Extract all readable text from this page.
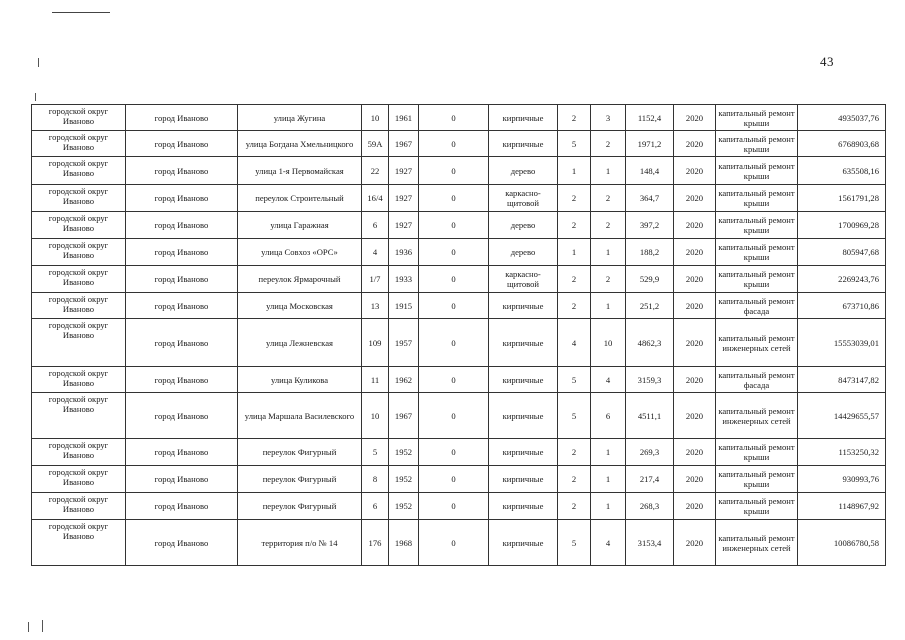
43
городской округ Иваново	город Иваново	улица Жугина	10	1961	0	кирпичные	2	3	1152,4	2020	капитальный ремонт крыши	4935037,76
городской округ Иваново	город Иваново	улица Богдана Хмельницкого	59А	1967	0	кирпичные	5	2	1971,2	2020	капитальный ремонт крыши	6768903,68
городской округ Иваново	город Иваново	улица 1-я Первомайская	22	1927	0	дерево	1	1	148,4	2020	капитальный ремонт крыши	635508,16
городской округ Иваново	город Иваново	переулок Строительный	16/4	1927	0	каркасно-щитовой	2	2	364,7	2020	капитальный ремонт крыши	1561791,28
городской округ Иваново	город Иваново	улица Гаражная	6	1927	0	дерево	2	2	397,2	2020	капитальный ремонт крыши	1700969,28
городской округ Иваново	город Иваново	улица Совхоз «ОРС»	4	1936	0	дерево	1	1	188,2	2020	капитальный ремонт крыши	805947,68
городской округ Иваново	город Иваново	переулок Ярмарочный	1/7	1933	0	каркасно-щитовой	2	2	529,9	2020	капитальный ремонт крыши	2269243,76
городской округ Иваново	город Иваново	улица Московская	13	1915	0	кирпичные	2	1	251,2	2020	капитальный ремонт фасада	673710,86
городской округ Иваново	город Иваново	улица Лежневская	109	1957	0	кирпичные	4	10	4862,3	2020	капитальный ремонт инженерных сетей	15553039,01
городской округ Иваново	город Иваново	улица Куликова	11	1962	0	кирпичные	5	4	3159,3	2020	капитальный ремонт фасада	8473147,82
городской округ Иваново	город Иваново	улица Маршала Василевского	10	1967	0	кирпичные	5	6	4511,1	2020	капитальный ремонт инженерных сетей	14429655,57
городской округ Иваново	город Иваново	переулок Фигурный	5	1952	0	кирпичные	2	1	269,3	2020	капитальный ремонт крыши	1153250,32
городской округ Иваново	город Иваново	переулок Фигурный	8	1952	0	кирпичные	2	1	217,4	2020	капитальный ремонт крыши	930993,76
городской округ Иваново	город Иваново	переулок Фигурный	6	1952	0	кирпичные	2	1	268,3	2020	капитальный ремонт крыши	1148967,92
городской округ Иваново	город Иваново	территория п/о № 14	176	1968	0	кирпичные	5	4	3153,4	2020	капитальный ремонт инженерных сетей	10086780,58
